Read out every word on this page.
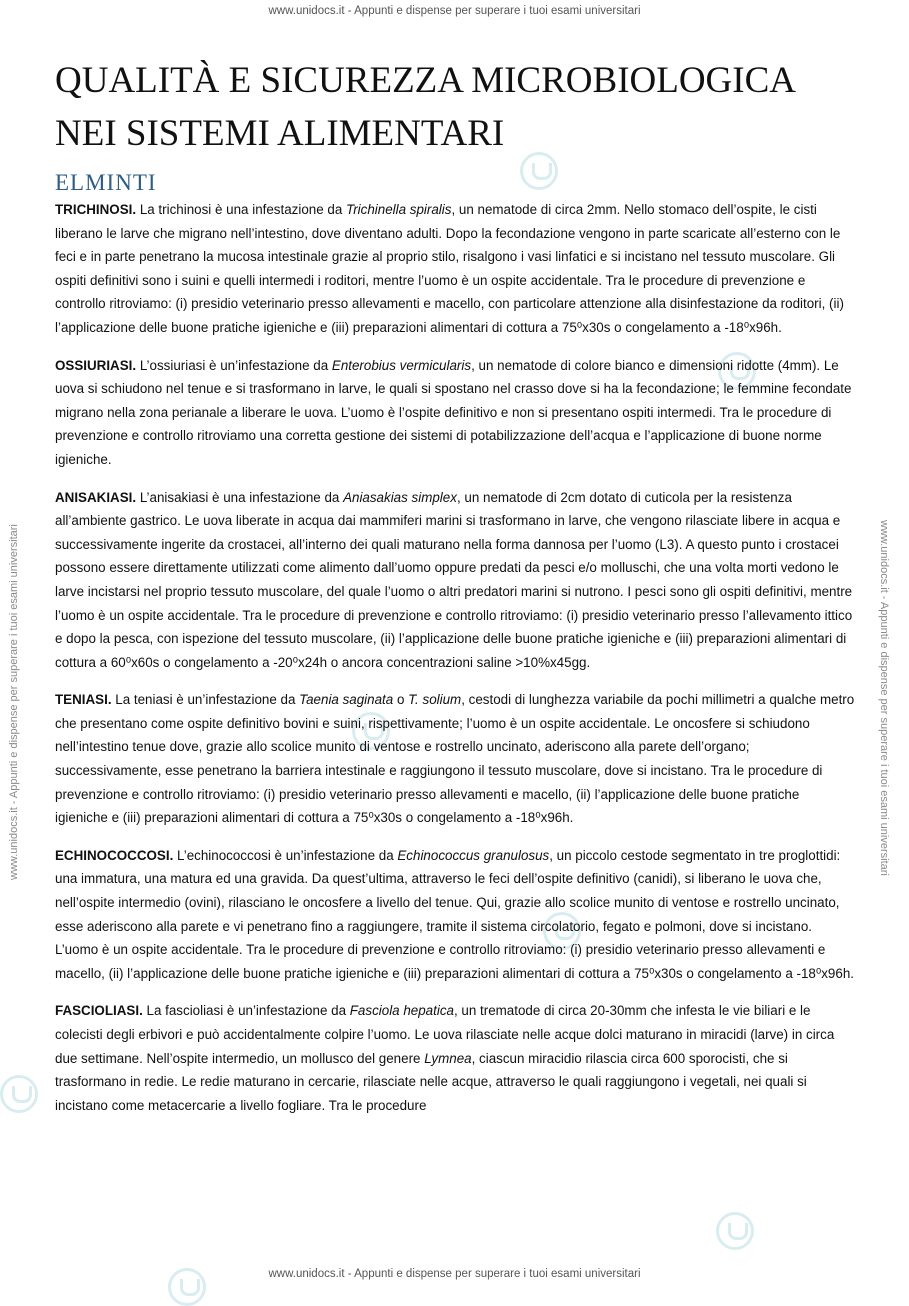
www.unidocs.it - Appunti e dispense per superare i tuoi esami universitari
www.unidocs.it - Appunti e dispense per superare i tuoi esami universitari
www.unidocs.it - Appunti e dispense per superare i tuoi esami universitari	www.unidocs.it - Appunti e dispense per superare i tuoi esami universitari
QUALITÀ E SICUREZZA MICROBIOLOGICA
NEI SISTEMI ALIMENTARI
ELMINTI

TRICHINOSI. La trichinosi è una infestazione da Trichinella spiralis, un nematode di circa 2mm. Nello stomaco dell’ospite, le cisti liberano le larve che migrano nell’intestino, dove diventano adulti. Dopo la fecondazione vengono in parte scaricate all’esterno con le feci e in parte penetrano la mucosa intestinale grazie al proprio stilo, risalgono i vasi linfatici e si incistano nel tessuto muscolare. Gli ospiti definitivi sono i suini e quelli intermedi i roditori, mentre l’uomo è un ospite accidentale. Tra le procedure di prevenzione e controllo ritroviamo: (i) presidio veterinario presso allevamenti e macello, con particolare attenzione alla disinfestazione da roditori, (ii) l’applicazione delle buone pratiche igieniche e (iii) preparazioni alimentari di cottura a 75⁰x30s o congelamento a -18⁰x96h.

OSSIURIASI. L’ossiuriasi è un’infestazione da Enterobius vermicularis, un nematode di colore bianco e dimensioni ridotte (4mm). Le uova si schiudono nel tenue e si trasformano in larve, le quali si spostano nel crasso dove si ha la fecondazione; le femmine fecondate migrano nella zona perianale a liberare le uova. L’uomo è l’ospite definitivo e non si presentano ospiti intermedi. Tra le procedure di prevenzione e controllo ritroviamo una corretta gestione dei sistemi di potabilizzazione dell’acqua e l’applicazione di buone norme igieniche.

ANISAKIASI. L’anisakiasi è una infestazione da Aniasakias simplex, un nematode di 2cm dotato di cuticola per la resistenza all’ambiente gastrico. Le uova liberate in acqua dai mammiferi marini si trasformano in larve, che vengono rilasciate libere in acqua e successivamente ingerite da crostacei, all’interno dei quali maturano nella forma dannosa per l’uomo (L3). A questo punto i crostacei possono essere direttamente utilizzati come alimento dall’uomo oppure predati da pesci e/o molluschi, che una volta morti vedono le larve incistarsi nel proprio tessuto muscolare, del quale l’uomo o altri predatori marini si nutrono. I pesci sono gli ospiti definitivi, mentre l’uomo è un ospite accidentale. Tra le procedure di prevenzione e controllo ritroviamo: (i) presidio veterinario presso l’allevamento ittico e dopo la pesca, con ispezione del tessuto muscolare, (ii) l’applicazione delle buone pratiche igieniche e (iii) preparazioni alimentari di cottura a 60⁰x60s o congelamento a -20⁰x24h o ancora concentrazioni saline >10%x45gg.

TENIASI. La teniasi è un’infestazione da Taenia saginata o T. solium, cestodi di lunghezza variabile da pochi millimetri a qualche metro che presentano come ospite definitivo bovini e suini, rispettivamente; l’uomo è un ospite accidentale. Le oncosfere si schiudono nell’intestino tenue dove, grazie allo scolice munito di ventose e rostrello uncinato, aderiscono alla parete dell’organo; successivamente, esse penetrano la barriera intestinale e raggiungono il tessuto muscolare, dove si incistano. Tra le procedure di prevenzione e controllo ritroviamo: (i) presidio veterinario presso allevamenti e macello, (ii) l’applicazione delle buone pratiche igieniche e (iii) preparazioni alimentari di cottura a 75⁰x30s o congelamento a -18⁰x96h.

ECHINOCOCCOSI. L’echinococcosi è un’infestazione da Echinococcus granulosus, un piccolo cestode segmentato in tre proglottidi: una immatura, una matura ed una gravida. Da quest’ultima, attraverso le feci dell’ospite definitivo (canidi), si liberano le uova che, nell’ospite intermedio (ovini), rilasciano le oncosfere a livello del tenue. Qui, grazie allo scolice munito di ventose e rostrello uncinato, esse aderiscono alla parete e vi penetrano fino a raggiungere, tramite il sistema circolatorio, fegato e polmoni, dove si incistano. L’uomo è un ospite accidentale. Tra le procedure di prevenzione e controllo ritroviamo: (i) presidio veterinario presso allevamenti e macello, (ii) l’applicazione delle buone pratiche igieniche e (iii) preparazioni alimentari di cottura a 75⁰x30s o congelamento a -18⁰x96h.

FASCIOLIASI. La fascioliasi è un’infestazione da Fasciola hepatica, un trematode di circa 20-30mm che infesta le vie biliari e le colecisti degli erbivori e può accidentalmente colpire l’uomo. Le uova rilasciate nelle acque dolci maturano in miracidi (larve) in circa due settimane. Nell’ospite intermedio, un mollusco del genere Lymnea, ciascun miracidio rilascia circa 600 sporocisti, che si trasformano in redie. Le redie maturano in cercarie, rilasciate nelle acque, attraverso le quali raggiungono i vegetali, nei quali si incistano come metacercarie a livello fogliare. Tra le procedure
